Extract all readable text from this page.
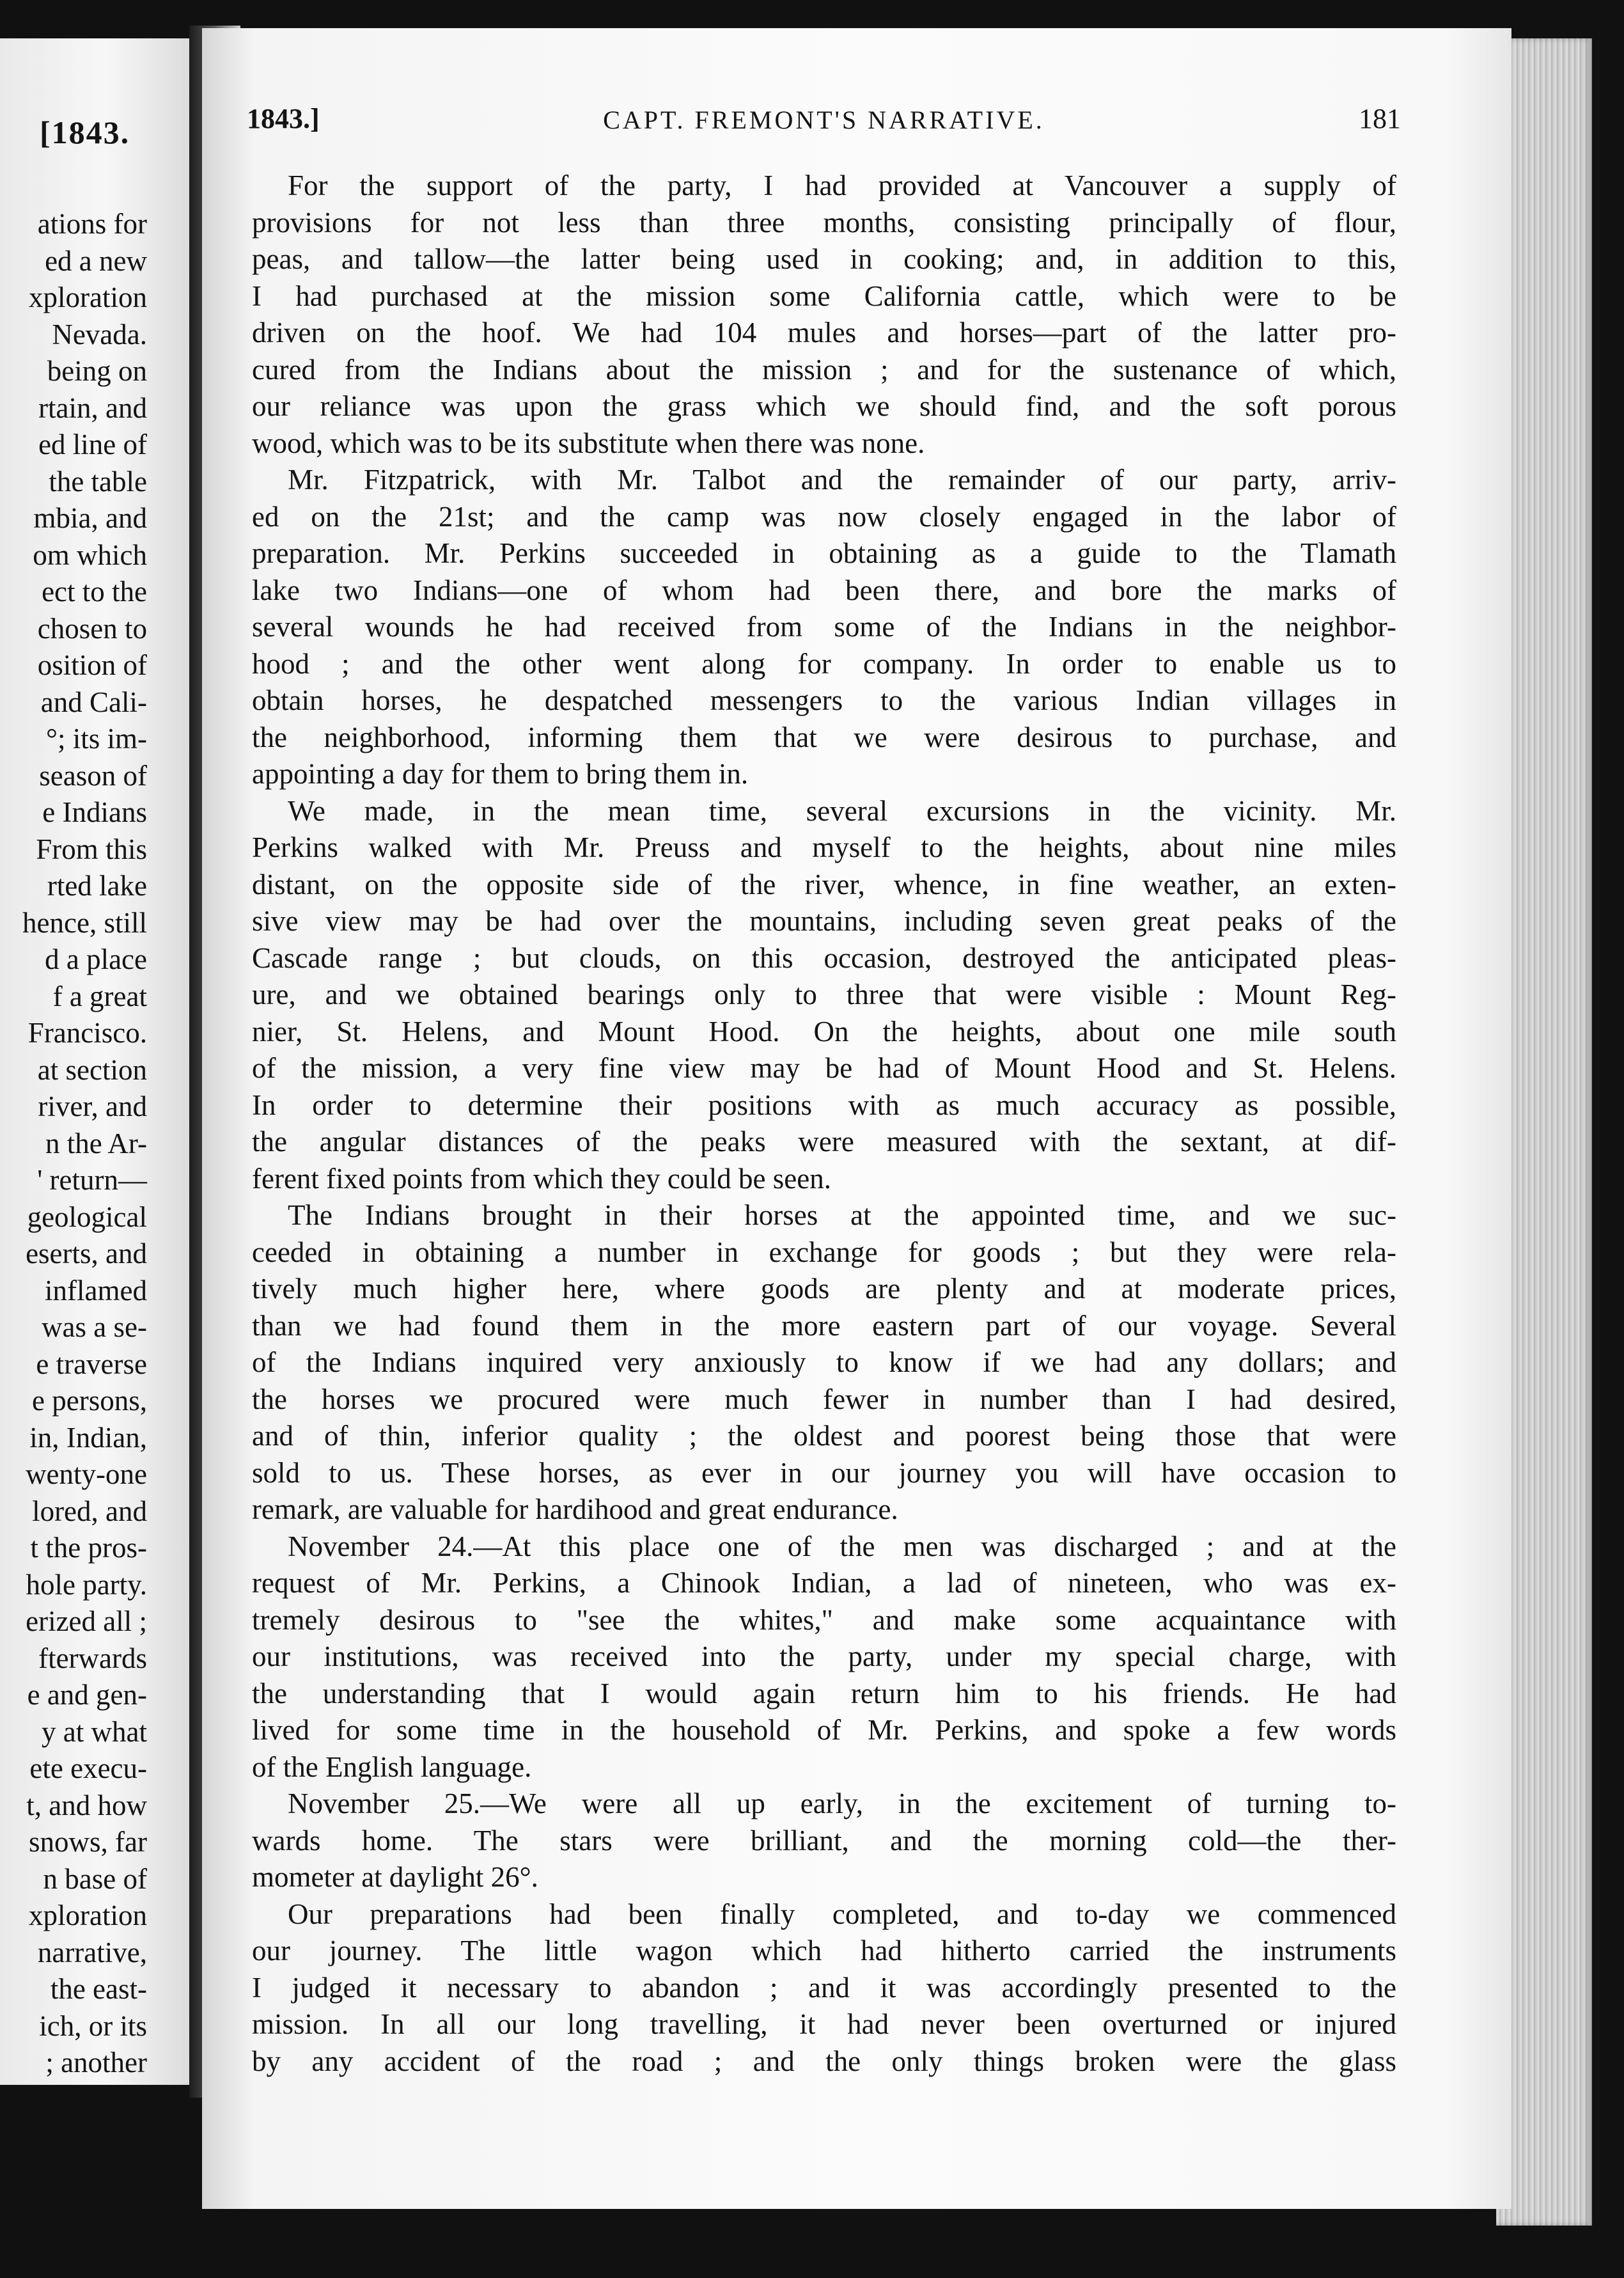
[1843.
ations for
ed a new
xploration
Nevada.
being on
rtain, and
ed line of
the table
mbia, and
om which
ect to the
chosen to
osition of
and Cali-
°; its im-
season of
e Indians
From this
rted lake
hence, still
d a place
f a great
Francisco.
at section
river, and
n the Ar-
' return—
geological
eserts, and
inflamed
was a se-
e traverse
e persons,
in, Indian,
wenty-one
lored, and
t the pros-
hole party.
erized all ;
fterwards
e and gen-
y at what
ete execu-
t, and how
snows, far
n base of
xploration
narrative,
the east-
ich, or its
; another
1843.]	CAPT. FREMONT'S NARRATIVE.	181
For the support of the party, I had provided at Vancouver a supply of
provisions for not less than three months, consisting principally of flour,
peas, and tallow—the latter being used in cooking; and, in addition to this,
I had purchased at the mission some California cattle, which were to be
driven on the hoof. We had 104 mules and horses—part of the latter pro-
cured from the Indians about the mission ; and for the sustenance of which,
our reliance was upon the grass which we should find, and the soft porous
wood, which was to be its substitute when there was none.
Mr. Fitzpatrick, with Mr. Talbot and the remainder of our party, arriv-
ed on the 21st; and the camp was now closely engaged in the labor of
preparation. Mr. Perkins succeeded in obtaining as a guide to the Tlamath
lake two Indians—one of whom had been there, and bore the marks of
several wounds he had received from some of the Indians in the neighbor-
hood ; and the other went along for company. In order to enable us to
obtain horses, he despatched messengers to the various Indian villages in
the neighborhood, informing them that we were desirous to purchase, and
appointing a day for them to bring them in.
We made, in the mean time, several excursions in the vicinity. Mr.
Perkins walked with Mr. Preuss and myself to the heights, about nine miles
distant, on the opposite side of the river, whence, in fine weather, an exten-
sive view may be had over the mountains, including seven great peaks of the
Cascade range ; but clouds, on this occasion, destroyed the anticipated pleas-
ure, and we obtained bearings only to three that were visible : Mount Reg-
nier, St. Helens, and Mount Hood. On the heights, about one mile south
of the mission, a very fine view may be had of Mount Hood and St. Helens.
In order to determine their positions with as much accuracy as possible,
the angular distances of the peaks were measured with the sextant, at dif-
ferent fixed points from which they could be seen.
The Indians brought in their horses at the appointed time, and we suc-
ceeded in obtaining a number in exchange for goods ; but they were rela-
tively much higher here, where goods are plenty and at moderate prices,
than we had found them in the more eastern part of our voyage. Several
of the Indians inquired very anxiously to know if we had any dollars; and
the horses we procured were much fewer in number than I had desired,
and of thin, inferior quality ; the oldest and poorest being those that were
sold to us. These horses, as ever in our journey you will have occasion to
remark, are valuable for hardihood and great endurance.
November 24.—At this place one of the men was discharged ; and at the
request of Mr. Perkins, a Chinook Indian, a lad of nineteen, who was ex-
tremely desirous to "see the whites," and make some acquaintance with
our institutions, was received into the party, under my special charge, with
the understanding that I would again return him to his friends. He had
lived for some time in the household of Mr. Perkins, and spoke a few words
of the English language.
November 25.—We were all up early, in the excitement of turning to-
wards home. The stars were brilliant, and the morning cold—the ther-
mometer at daylight 26°.
Our preparations had been finally completed, and to-day we commenced
our journey. The little wagon which had hitherto carried the instruments
I judged it necessary to abandon ; and it was accordingly presented to the
mission. In all our long travelling, it had never been overturned or injured
by any accident of the road ; and the only things broken were the glass
